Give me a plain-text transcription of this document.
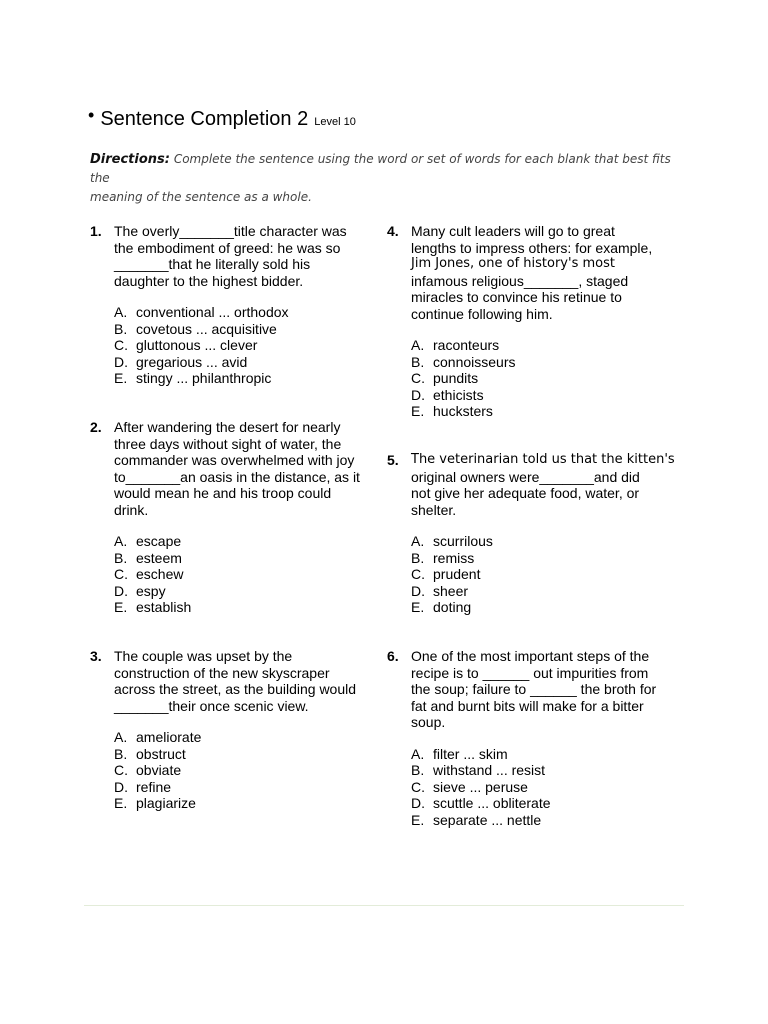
• Sentence Completion 2 Level 10
Directions: Complete the sentence using the word or set of words for each blank that best fits the
meaning of the sentence as a whole.
1. The overly_______title character was
the embodiment of greed: he was so
_______that he literally sold his
daughter to the highest bidder.
A. conventional ... orthodox
B. covetous ... acquisitive
C. gluttonous ... clever
D. gregarious ... avid
E. stingy ... philanthropic
2. After wandering the desert for nearly
three days without sight of water, the
commander was overwhelmed with joy
to_______an oasis in the distance, as it
would mean he and his troop could
drink.
A. escape
B. esteem
C. eschew
D. espy
E. establish
3. The couple was upset by the
construction of the new skyscraper
across the street, as the building would
_______their once scenic view.
A. ameliorate
B. obstruct
C. obviate
D. refine
E. plagiarize
4. Many cult leaders will go to great
lengths to impress others: for example,
Jim Jones, one of history's most
infamous religious_______, staged
miracles to convince his retinue to
continue following him.
A. raconteurs
B. connoisseurs
C. pundits
D. ethicists
E. hucksters
5. The veterinarian told us that the kitten's
original owners were_______and did
not give her adequate food, water, or
shelter.
A. scurrilous
B. remiss
C. prudent
D. sheer
E. doting
6. One of the most important steps of the
recipe is to ______ out impurities from
the soup; failure to ______ the broth for
fat and burnt bits will make for a bitter
soup.
A. filter ... skim
B. withstand ... resist
C. sieve ... peruse
D. scuttle ... obliterate
E. separate ... nettle
